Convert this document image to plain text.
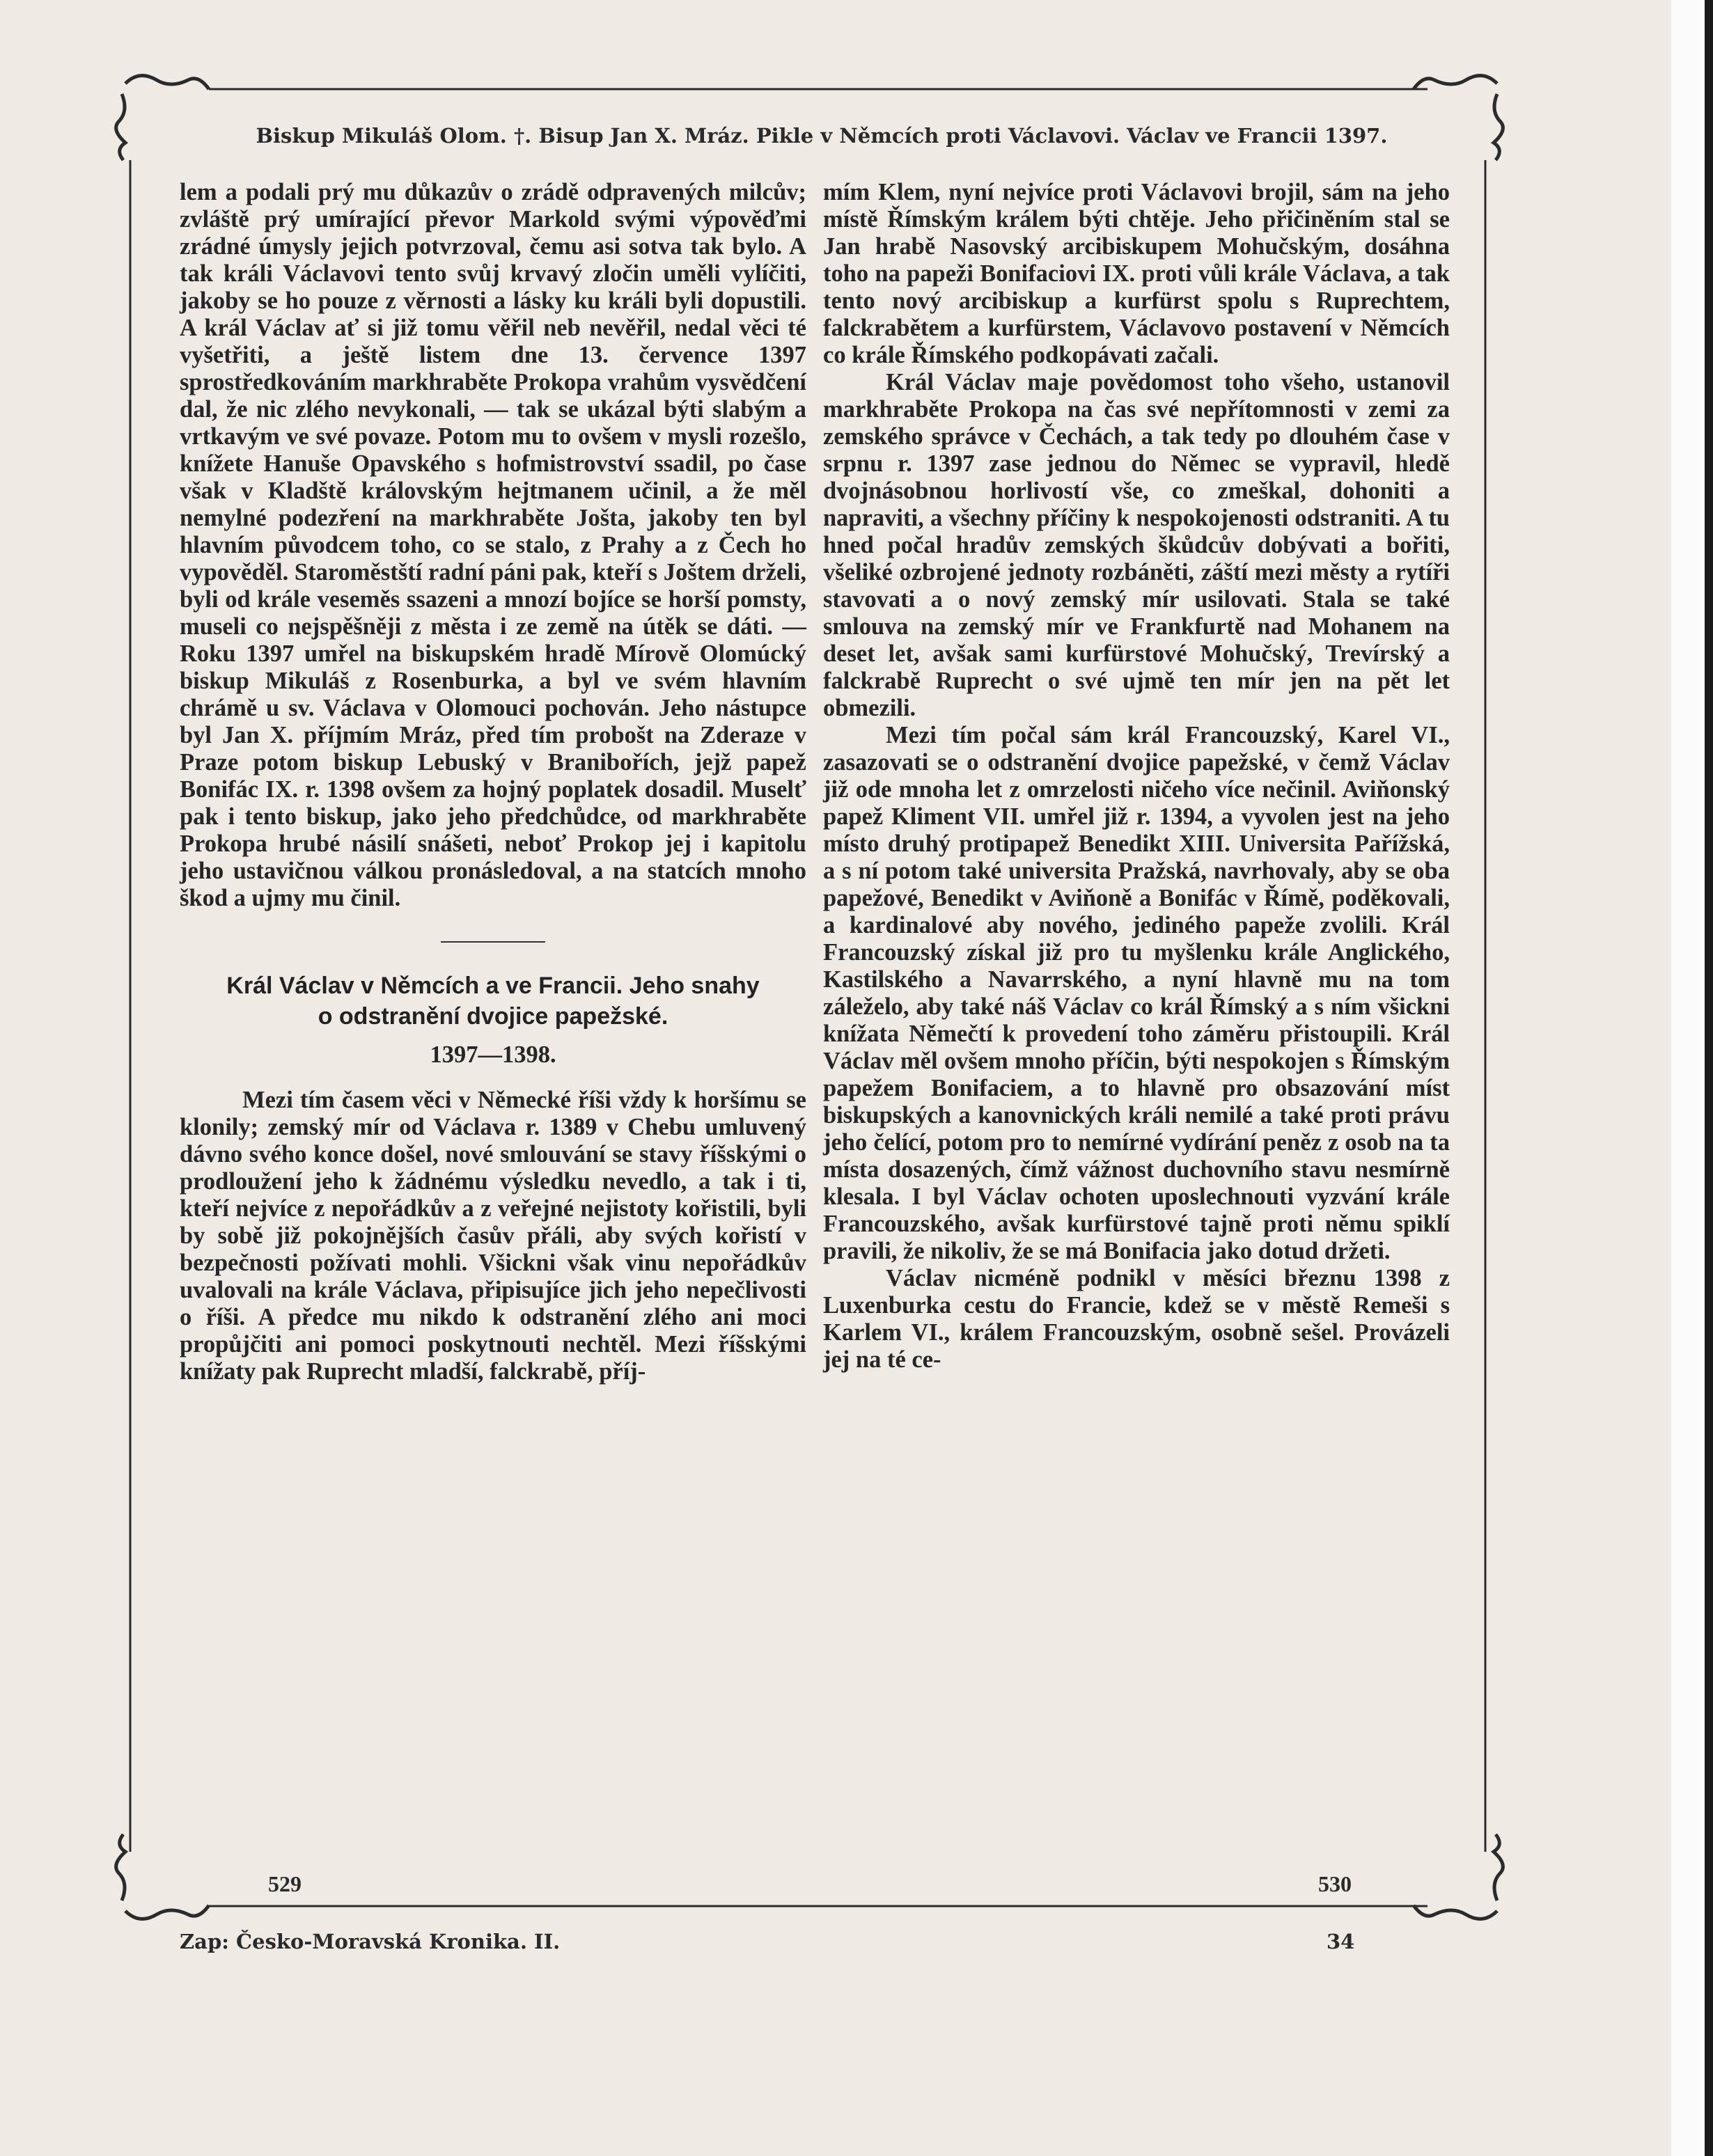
Biskup Mikuláš Olom. †. Bisup Jan X. Mráz. Pikle v Němcích proti Václavovi. Václav ve Francii 1397.

lem a podali prý mu důkazův o zrádě odpravených milcův; zvláště prý umírající převor Markold svými výpověďmi zrádné úmysly jejich potvrzoval, čemu asi sotva tak bylo. A tak králi Václavovi tento svůj krvavý zločin uměli vylíčiti, jakoby se ho pouze z věrnosti a lásky ku králi byli dopustili. A král Václav ať si již tomu věřil neb nevěřil, nedal věci té vyšetřiti, a ještě listem dne 13. července 1397 sprostředkováním markhraběte Prokopa vrahům vysvědčení dal, že nic zlého nevykonali, — tak se ukázal býti slabým a vrtkavým ve své povaze. Potom mu to ovšem v mysli rozešlo, knížete Hanuše Opavského s hofmistrovství ssadil, po čase však v Kladště královským hejtmanem učinil, a že měl nemylné podezření na markhraběte Jošta, jakoby ten byl hlavním původcem toho, co se stalo, z Prahy a z Čech ho vypověděl. Staroměstští radní páni pak, kteří s Joštem drželi, byli od krále veseměs ssazeni a mnozí bojíce se horší pomsty, museli co nejspěšněji z města i ze země na útěk se dáti. — Roku 1397 umřel na biskupském hradě Mírově Olomúcký biskup Mikuláš z Rosenburka, a byl ve svém hlavním chrámě u sv. Václava v Olomouci pochován. Jeho nástupce byl Jan X. příjmím Mráz, před tím probošt na Zderaze v Praze potom biskup Lebuský v Branibořích, jejž papež Bonifác IX. r. 1398 ovšem za hojný poplatek dosadil. Muselť pak i tento biskup, jako jeho předchůdce, od markhraběte Prokopa hrubé násilí snášeti, neboť Prokop jej i kapitolu jeho ustavičnou válkou pronásledoval, a na statcích mnoho škod a ujmy mu činil.

Král Václav v Němcích a ve Francii. Jeho snahy
o odstranění dvojice papežské.
1397—1398.

Mezi tím časem věci v Německé říši vždy k horšímu se klonily; zemský mír od Václava r. 1389 v Chebu umluvený dávno svého konce došel, nové smlouvání se stavy říšskými o prodloužení jeho k žádnému výsledku nevedlo, a tak i ti, kteří nejvíce z nepořádkův a z veřejné nejistoty kořistili, byli by sobě již pokojnějších časův přáli, aby svých kořistí v bezpečnosti požívati mohli. Všickni však vinu nepořádkův uvalovali na krále Václava, připisujíce jich jeho nepečlivosti o říši. A předce mu nikdo k odstranění zlého ani moci propůjčiti ani pomoci poskytnouti nechtěl. Mezi říšskými knížaty pak Ruprecht mladší, falckrabě, příj-

mím Klem, nyní nejvíce proti Václavovi brojil, sám na jeho místě Římským králem býti chtěje. Jeho přičiněním stal se Jan hrabě Nasovský arcibiskupem Mohučským, dosáhna toho na papeži Bonifaciovi IX. proti vůli krále Václava, a tak tento nový arcibiskup a kurfürst spolu s Ruprechtem, falckrabětem a kurfürstem, Václavovo postavení v Němcích co krále Římského podkopávati začali.

Král Václav maje povědomost toho všeho, ustanovil markhraběte Prokopa na čas své nepřítomnosti v zemi za zemského správce v Čechách, a tak tedy po dlouhém čase v srpnu r. 1397 zase jednou do Němec se vypravil, hledě dvojnásobnou horlivostí vše, co zmeškal, dohoniti a napraviti, a všechny příčiny k nespokojenosti odstraniti. A tu hned počal hradův zemských škůdcův dobývati a bořiti, všeliké ozbrojené jednoty rozbáněti, záští mezi městy a rytíři stavovati a o nový zemský mír usilovati. Stala se také smlouva na zemský mír ve Frankfurtě nad Mohanem na deset let, avšak sami kurfürstové Mohučský, Trevírský a falckrabě Ruprecht o své ujmě ten mír jen na pět let obmezili.

Mezi tím počal sám král Francouzský, Karel VI., zasazovati se o odstranění dvojice papežské, v čemž Václav již ode mnoha let z omrzelosti ničeho více nečinil. Aviňonský papež Kliment VII. umřel již r. 1394, a vyvolen jest na jeho místo druhý protipapež Benedikt XIII. Universita Pařížská, a s ní potom také universita Pražská, navrhovaly, aby se oba papežové, Benedikt v Aviňoně a Bonifác v Římě, poděkovali, a kardinalové aby nového, jediného papeže zvolili. Král Francouzský získal již pro tu myšlenku krále Anglického, Kastilského a Navarrského, a nyní hlavně mu na tom záleželo, aby také náš Václav co král Římský a s ním všickni knížata Němečtí k provedení toho záměru přistoupili. Král Václav měl ovšem mnoho příčin, býti nespokojen s Římským papežem Bonifaciem, a to hlavně pro obsazování míst biskupských a kanovnických králi nemilé a také proti právu jeho čelící, potom pro to nemírné vydírání peněz z osob na ta místa dosazených, čímž vážnost duchovního stavu nesmírně klesala. I byl Václav ochoten uposlechnouti vyzvání krále Francouzského, avšak kurfürstové tajně proti němu spiklí pravili, že nikoliv, že se má Bonifacia jako dotud držeti.

Václav nicméně podnikl v měsíci březnu 1398 z Luxenburka cestu do Francie, kdež se v městě Remeši s Karlem VI., králem Francouzským, osobně sešel. Provázeli jej na té ce-

529	530
Zap: Česko-Moravská Kronika. II.	34
